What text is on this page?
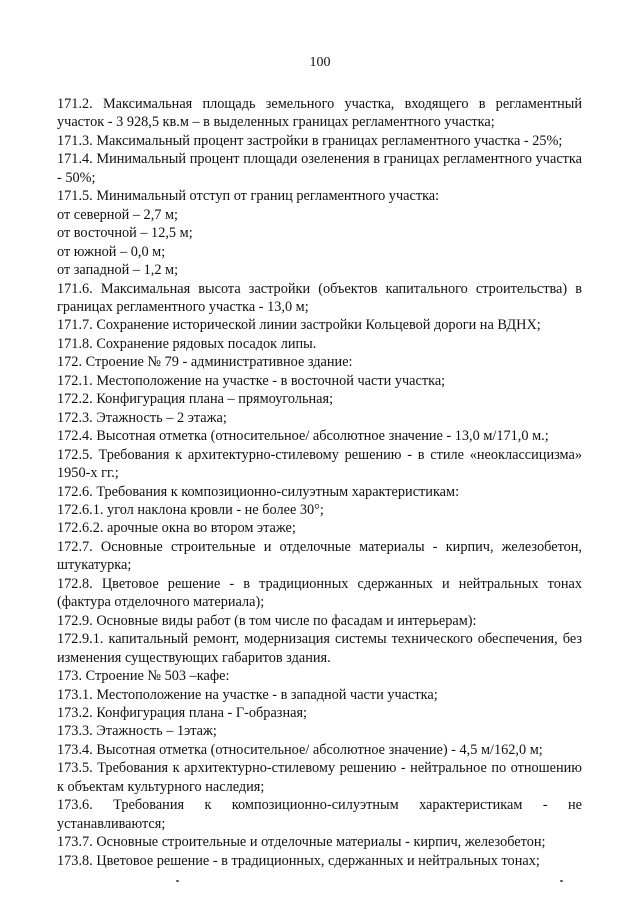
100

171.2. Максимальная площадь земельного участка, входящего в регламентный участок - 3 928,5 кв.м – в выделенных границах регламентного участка;

171.3. Максимальный процент застройки в границах регламентного участка - 25%;

171.4. Минимальный процент площади озеленения в границах регламентного участка - 50%;

171.5. Минимальный отступ от границ регламентного участка:

от северной – 2,7 м;

от восточной – 12,5 м;

от южной – 0,0 м;

от западной – 1,2 м;

171.6. Максимальная высота застройки (объектов капитального строительства) в границах регламентного участка - 13,0 м;

171.7. Сохранение исторической линии застройки Кольцевой дороги на ВДНХ;

171.8. Сохранение рядовых посадок липы.

172. Строение № 79 - административное здание:

172.1. Местоположение на участке - в восточной части участка;

172.2. Конфигурация плана – прямоугольная;

172.3. Этажность – 2 этажа;

172.4. Высотная отметка (относительное/ абсолютное значение - 13,0 м/171,0 м.;

172.5. Требования к архитектурно-стилевому решению - в стиле «неоклассицизма» 1950-х гг.;

172.6. Требования к композиционно-силуэтным характеристикам:

172.6.1. угол наклона кровли - не более 30°;

172.6.2. арочные окна во втором этаже;

172.7. Основные строительные и отделочные материалы - кирпич, железобетон, штукатурка;

172.8. Цветовое решение - в традиционных сдержанных и нейтральных тонах (фактура отделочного материала);

172.9. Основные виды работ (в том числе по фасадам и интерьерам):

172.9.1. капитальный ремонт, модернизация системы технического обеспечения, без изменения существующих габаритов здания.

173. Строение № 503 –кафе:

173.1. Местоположение на участке - в западной части участка;

173.2. Конфигурация плана - Г-образная;

173.3. Этажность – 1этаж;

173.4. Высотная отметка (относительное/ абсолютное значение) - 4,5 м/162,0 м;

173.5. Требования к архитектурно-стилевому решению - нейтральное по отношению к объектам культурного наследия;

173.6. Требования к композиционно-силуэтным характеристикам - не устанавливаются;

173.7. Основные строительные и отделочные материалы - кирпич, железобетон;

173.8. Цветовое решение - в традиционных, сдержанных и нейтральных тонах;
